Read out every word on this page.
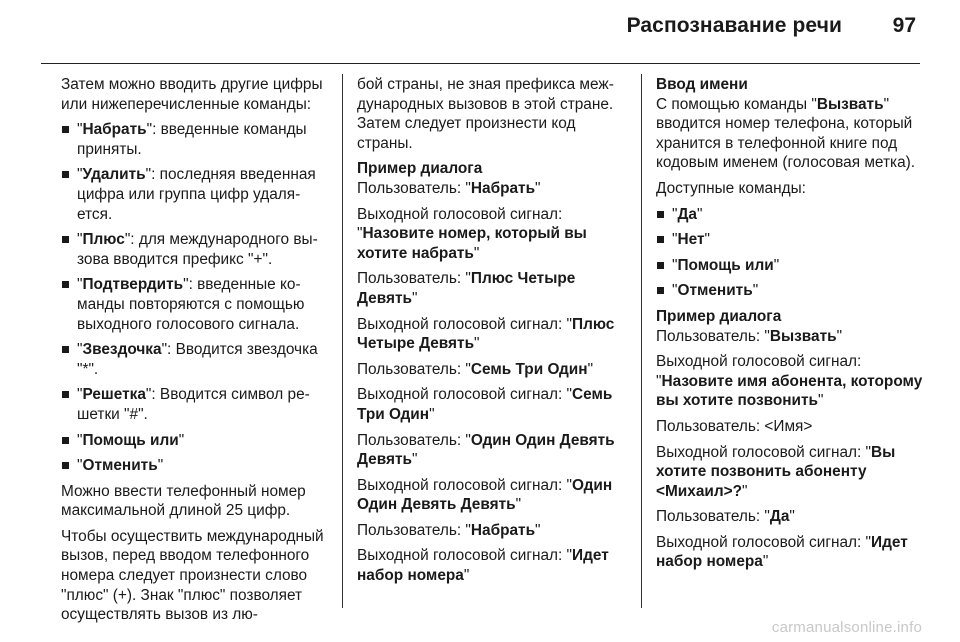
Распознавание речи 97

Затем можно вводить другие цифры или нижеперечисленные команды:

"Набрать": введенные команды приняты.
"Удалить": последняя введенная цифра или группа цифр удаляется.
"Плюс": для международного вызова вводится префикс "+".
"Подтвердить": введенные команды повторяются с помощью выходного голосового сигнала.
"Звездочка": Вводится звездочка "*".
"Решетка": Вводится символ решетки "#".
"Помощь или"
"Отменить"

Можно ввести телефонный номер максимальной длиной 25 цифр.

Чтобы осуществить междунаpодный вызов, перед вводом телефонного номера следует произнести слово "плюс" (+). Знак "плюс" позволяет осуществлять вызов из лю-

бой страны, не зная префикса международных вызовов в этой стране. Затем следует произнести код страны.

Пример диалога

Пользователь: "Набрать"

Выходной голосовой сигнал: "Назовите номер, который вы хотите набрать"

Пользователь: "Плюс Четыре Девять"

Выходной голосовой сигнал: "Плюс Четыре Девять"

Пользователь: "Семь Три Один"

Выходной голосовой сигнал: "Семь Три Один"

Пользователь: "Один Один Девять Девять"

Выходной голосовой сигнал: "Один Один Девять Девять"

Пользователь: "Набрать"

Выходной голосовой сигнал: "Идет набор номера"

Ввод имени

С помощью команды "Вызвать" вводится номер телефона, который хранится в телефонной книге под кодовым именем (голосовая метка).

Доступные команды:

"Да"
"Нет"
"Помощь или"
"Отменить"
Пример диалога

Пользователь: "Вызвать"

Выходной голосовой сигнал: "Назовите имя абонента, которому вы хотите позвонить"

Пользователь: <Имя>

Выходной голосовой сигнал: "Вы хотите позвонить абоненту <Михаил>?"

Пользователь: "Да"

Выходной голосовой сигнал: "Идет набор номера"

carmanualsonline.info
